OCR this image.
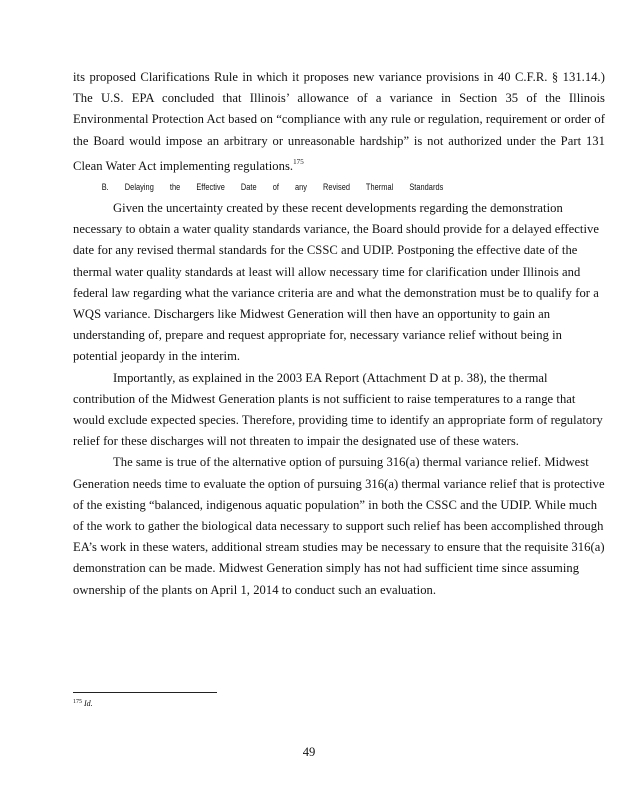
its proposed Clarifications Rule in which it proposes new variance provisions in 40 C.F.R. § 131.14.) The U.S. EPA concluded that Illinois’ allowance of a variance in Section 35 of the Illinois Environmental Protection Act based on “compliance with any rule or regulation, requirement or order of the Board would impose an arbitrary or unreasonable hardship” is not authorized under the Part 131 Clean Water Act implementing regulations.$^{175}$

B. Delaying the Effective Date of any Revised Thermal Standards

Given the uncertainty created by these recent developments regarding the demonstration necessary to obtain a water quality standards variance, the Board should provide for a delayed effective date for any revised thermal standards for the CSSC and UDIP. Postponing the effective date of the thermal water quality standards at least will allow necessary time for clarification under Illinois and federal law regarding what the variance criteria are and what the demonstration must be to qualify for a WQS variance. Dischargers like Midwest Generation will then have an opportunity to gain an understanding of, prepare and request appropriate for, necessary variance relief without being in potential jeopardy in the interim.

Importantly, as explained in the 2003 EA Report (Attachment D at p. 38), the thermal contribution of the Midwest Generation plants is not sufficient to raise temperatures to a range that would exclude expected species. Therefore, providing time to identify an appropriate form of regulatory relief for these discharges will not threaten to impair the designated use of these waters.

The same is true of the alternative option of pursuing 316(a) thermal variance relief. Midwest Generation needs time to evaluate the option of pursuing 316(a) thermal variance relief that is protective of the existing “balanced, indigenous aquatic population” in both the CSSC and the UDIP. While much of the work to gather the biological data necessary to support such relief has been accomplished through EA’s work in these waters, additional stream studies may be necessary to ensure that the requisite 316(a) demonstration can be made. Midwest Generation simply has not had sufficient time since assuming ownership of the plants on April 1, 2014 to conduct such an evaluation.

$^{175}$ Id.
49
